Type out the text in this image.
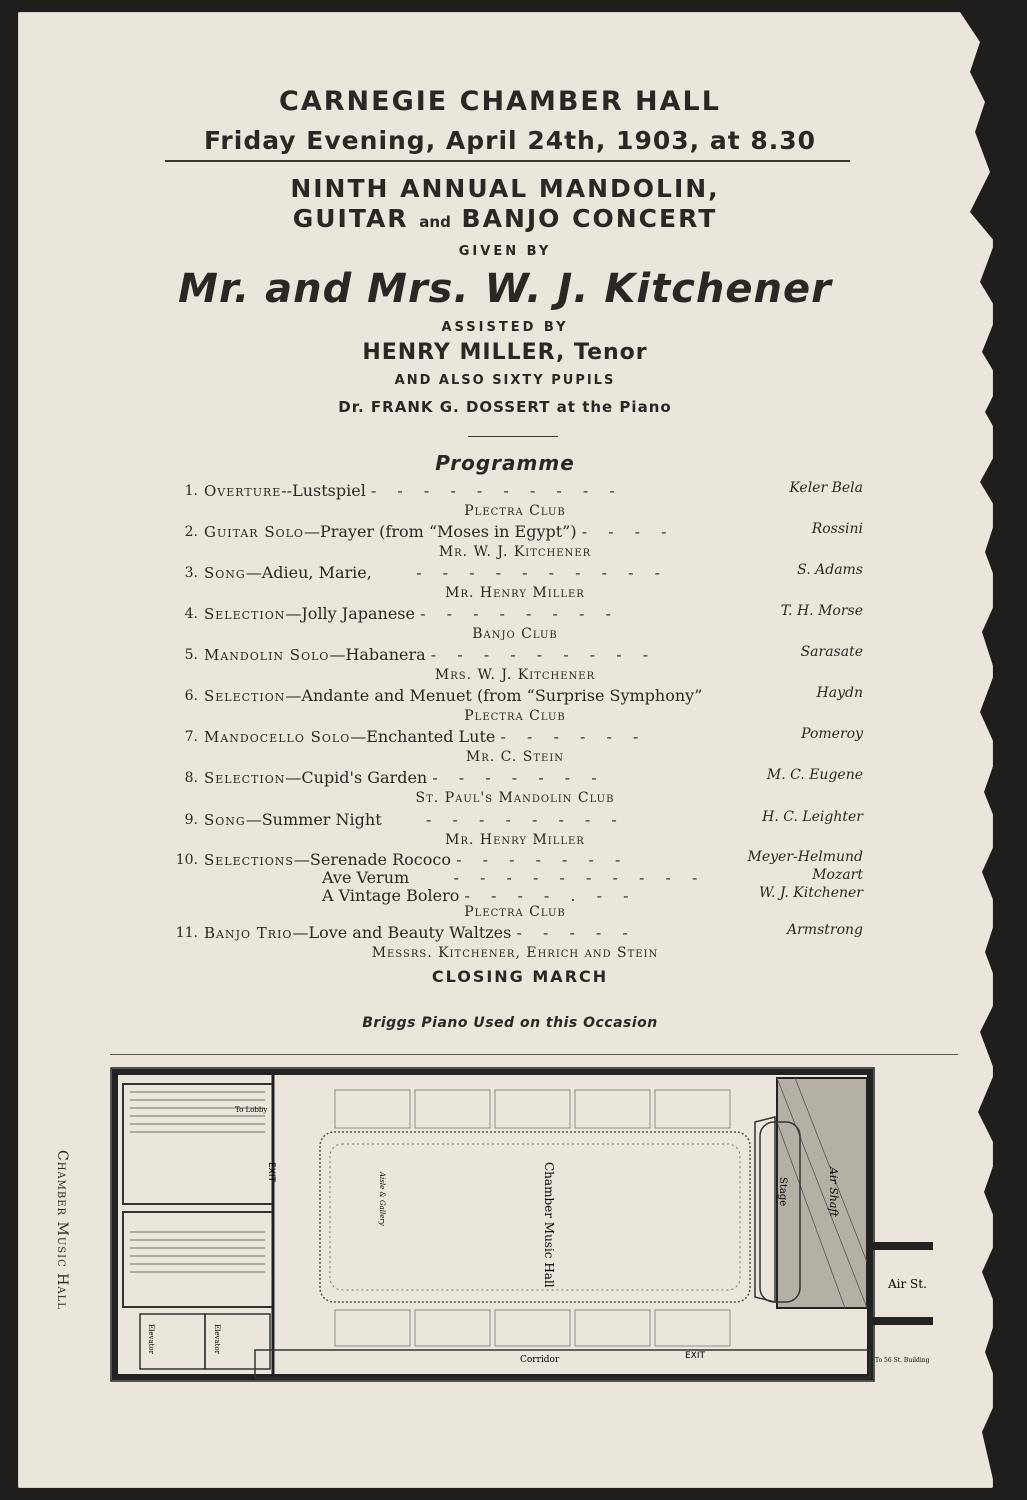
CARNEGIE CHAMBER HALL
Friday Evening, April 24th, 1903, at 8.30
NINTH ANNUAL MANDOLIN,
GUITAR and BANJO CONCERT
GIVEN BY
Mr. and Mrs. W. J. Kitchener
ASSISTED BY
HENRY MILLER, Tenor
AND ALSO SIXTY PUPILS
Dr. FRANK G. DOSSERT at the Piano
Programme
1. Overture--Lustspiel - - - - - - - - - -	Keler Bela
Plectra Club
2. Guitar Solo—Prayer (from “Moses in Egypt”) - - - -	Rossini
Mr. W. J. Kitchener
3. Song—Adieu, Marie,    - - - - - - - - - -	S. Adams
Mr. Henry Miller
4. Selection—Jolly Japanese - - - - - - - -	T. H. Morse
Banjo Club
5. Mandolin Solo—Habanera - - - - - - - - -	Sarasate
Mrs. W. J. Kitchener
6. Selection—Andante and Menuet (from “Surprise Symphony”	Haydn
Plectra Club
7. Mandocello Solo—Enchanted Lute - - - - - -	Pomeroy
Mr. C. Stein
8. Selection—Cupid's Garden - - - - - - -	M. C. Eugene
St. Paul's Mandolin Club
9. Song—Summer Night    - - - - - - - -	H. C. Leighter
Mr. Henry Miller
10. Selections—Serenade Rococo - - - - - - -	Meyer-Helmund
Ave Verum    - - - - - - - - - -	Mozart
A Vintage Bolero - - - - . - -	W. J. Kitchener
Plectra Club
11. Banjo Trio—Love and Beauty Waltzes - - - - -	Armstrong
Messrs. Kitchener, Ehrich and Stein
CLOSING MARCH
Briggs Piano Used on this Occasion
Chamber Music Hall	Chamber Music Hall	Stage	Air Shaft
Air St.
Corridor	EXIT
EXIT
Elevator	Elevator
To Lobby
Aisle & Gallery
To 56 St. Building
